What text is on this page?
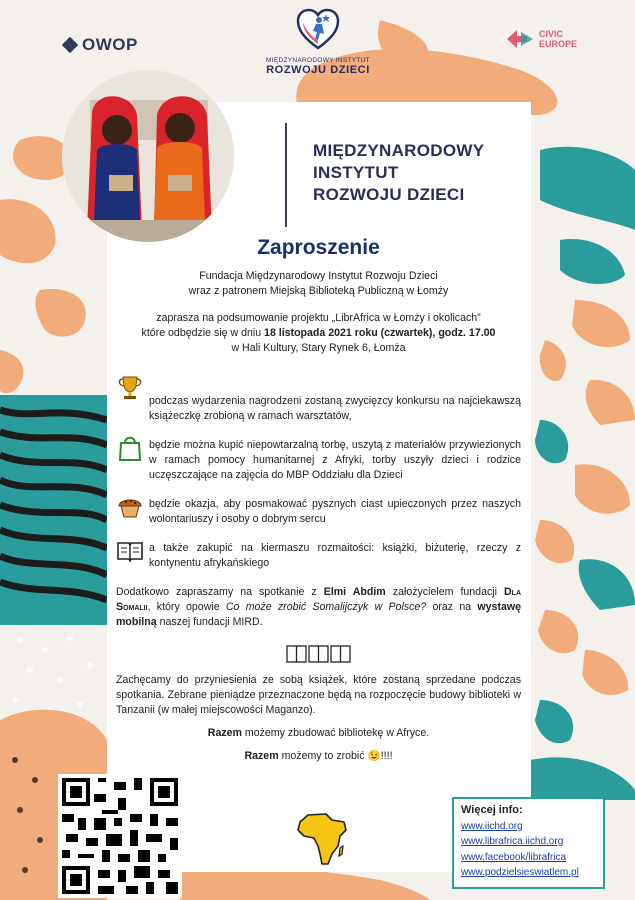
OWOP
MIĘDZYNARODOWY INSTYTUT
ROZWOJU DZIECI
CIVIC
EUROPE
MIĘDZYNARODOWY
INSTYTUT
ROZWOJU DZIECI
Zaproszenie
Fundacja Międzynarodowy Instytut Rozwoju Dzieci
wraz z patronem Miejską Biblioteką Publiczną w Łomży
zaprasza na podsumowanie projektu „LibrAfrica w Łomży i okolicach”
które odbędzie się w dniu 18 listopada 2021 roku (czwartek), godz. 17.00
w Hali Kultury, Stary Rynek 6, Łomża
podczas wydarzenia nagrodzeni zostaną zwycięzcy konkursu na najciekawszą książeczkę zrobioną w ramach warsztatów,
będzie można kupić niepowtarzalną torbę, uszytą z materiałów przywiezionych w ramach pomocy humanitarnej z Afryki, torby uszyły dzieci i rodzice uczęszczające na zajęcia do MBP Oddziału dla Dzieci
będzie okazja, aby posmakować pysznych ciast upieczonych przez naszych wolontariuszy i osoby o dobrym sercu
a także zakupić na kiermaszu rozmaitości: książki, biżuterię, rzeczy z kontynentu afrykańskiego
Dodatkowo zapraszamy na spotkanie z Elmi Abdim założycielem fundacji Dla Somalii, który opowie Co może zrobić Somalijczyk w Polsce? oraz na wystawę mobilną naszej fundacji MIRD.
Zachęcamy do przyniesienia ze sobą książek, które zostaną sprzedane podczas spotkania. Zebrane pieniądze przeznaczone będą na rozpoczęcie budowy biblioteki w Tanzanii (w małej miejscowości Maganzo).
Razem możemy zbudować bibliotekę w Afryce.
Razem możemy to zrobić 😉!!!!
Więcej info:
www.iichd.org
www.librafrica.iichd.org
www.facebook/librafrica
www.podzielsieswiatlem.pl
